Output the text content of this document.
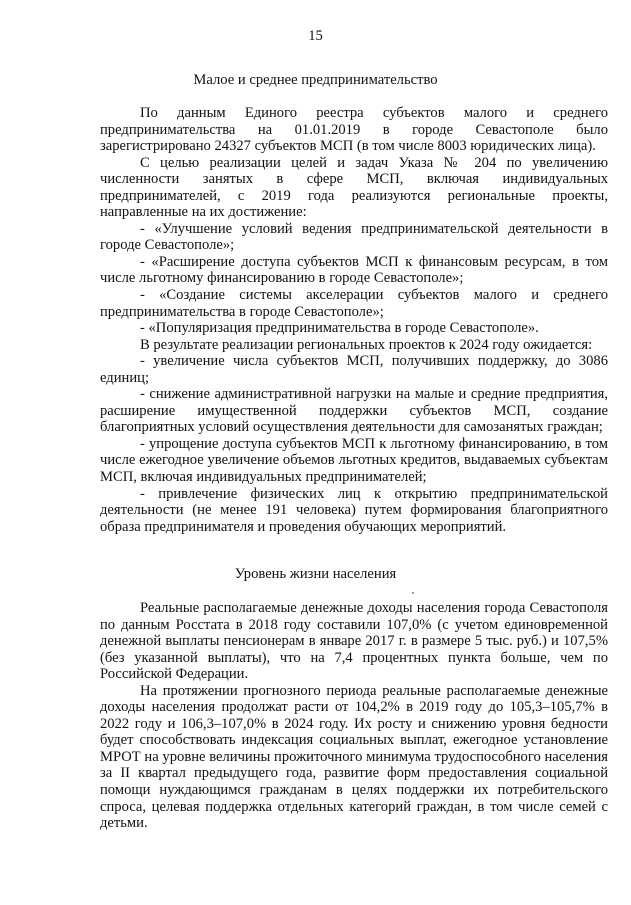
15
Малое и среднее предпринимательство

По данным Единого реестра субъектов малого и среднего предпринимательства на 01.01.2019 в городе Севастополе было зарегистрировано 24327 субъектов МСП (в том числе 8003 юридических лица).

С целью реализации целей и задач Указа № 204 по увеличению численности занятых в сфере МСП, включая индивидуальных предпринимателей, с 2019 года реализуются региональные проекты, направленные на их достижение:

- «Улучшение условий ведения предпринимательской деятельности в городе Севастополе»;

- «Расширение доступа субъектов МСП к финансовым ресурсам, в том числе льготному финансированию в городе Севастополе»;

- «Создание системы акселерации субъектов малого и среднего предпринимательства в городе Севастополе»;

- «Популяризация предпринимательства в городе Севастополе».

В результате реализации региональных проектов к 2024 году ожидается:

- увеличение числа субъектов МСП, получивших поддержку, до 3086 единиц;

- снижение административной нагрузки на малые и средние предприятия, расширение имущественной поддержки субъектов МСП, создание благоприятных условий осуществления деятельности для самозанятых граждан;

- упрощение доступа субъектов МСП к льготному финансированию, в том числе ежегодное увеличение объемов льготных кредитов, выдаваемых субъектам МСП, включая индивидуальных предпринимателей;

- привлечение физических лиц к открытию предпринимательской деятельности (не менее 191 человека) путем формирования благоприятного образа предпринимателя и проведения обучающих мероприятий.

Уровень жизни населения

Реальные располагаемые денежные доходы населения города Севастополя по данным Росстата в 2018 году составили 107,0% (с учетом единовременной денежной выплаты пенсионерам в январе 2017 г. в размере 5 тыс. руб.) и 107,5% (без указанной выплаты), что на 7,4 процентных пункта больше, чем по Российской Федерации.

На протяжении прогнозного периода реальные располагаемые денежные доходы населения продолжат расти от 104,2% в 2019 году до 105,3–105,7% в 2022 году и 106,3–107,0% в 2024 году. Их росту и снижению уровня бедности будет способствовать индексация социальных выплат, ежегодное установление МРОТ на уровне величины прожиточного минимума трудоспособного населения за II квартал предыдущего года, развитие форм предоставления социальной помощи нуждающимся гражданам в целях поддержки их потребительского спроса, целевая поддержка отдельных категорий граждан, в том числе семей с детьми.
